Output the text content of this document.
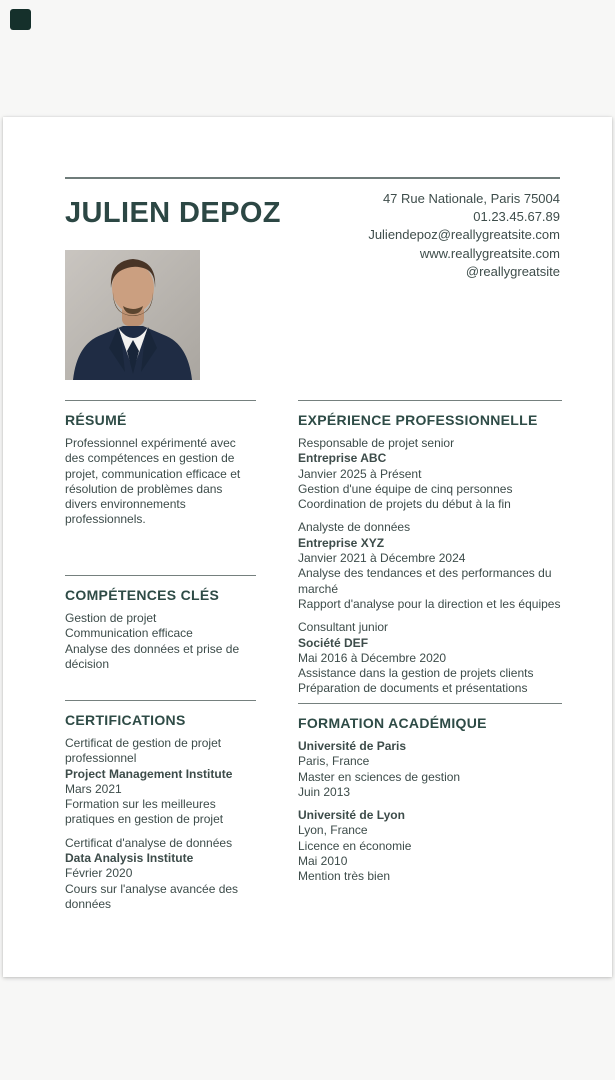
JULIEN DEPOZ	47 Rue Nationale, Paris 75004
01.23.45.67.89
Juliendepoz@reallygreatsite.com
www.reallygreatsite.com
@reallygreatsite
RÉSUMÉ

Professionnel expérimenté avec des compétences en gestion de projet, communication efficace et résolution de problèmes dans divers environnements professionnels.

COMPÉTENCES CLÉS
Gestion de projet
Communication efficace
Analyse des données et prise de décision
CERTIFICATIONS
Certificat de gestion de projet professionnel
Project Management Institute
Mars 2021
Formation sur les meilleures pratiques en gestion de projet
Certificat d'analyse de données
Data Analysis Institute
Février 2020
Cours sur l'analyse avancée des données
EXPÉRIENCE PROFESSIONNELLE
Responsable de projet senior
Entreprise ABC
Janvier 2025 à Présent
Gestion d'une équipe de cinq personnes
Coordination de projets du début à la fin
Analyste de données
Entreprise XYZ
Janvier 2021 à Décembre 2024
Analyse des tendances et des performances du marché
Rapport d'analyse pour la direction et les équipes
Consultant junior
Société DEF
Mai 2016 à Décembre 2020
Assistance dans la gestion de projets clients
Préparation de documents et présentations
FORMATION ACADÉMIQUE
Université de Paris
Paris, France
Master en sciences de gestion
Juin 2013
Université de Lyon
Lyon, France
Licence en économie
Mai 2010
Mention très bien
